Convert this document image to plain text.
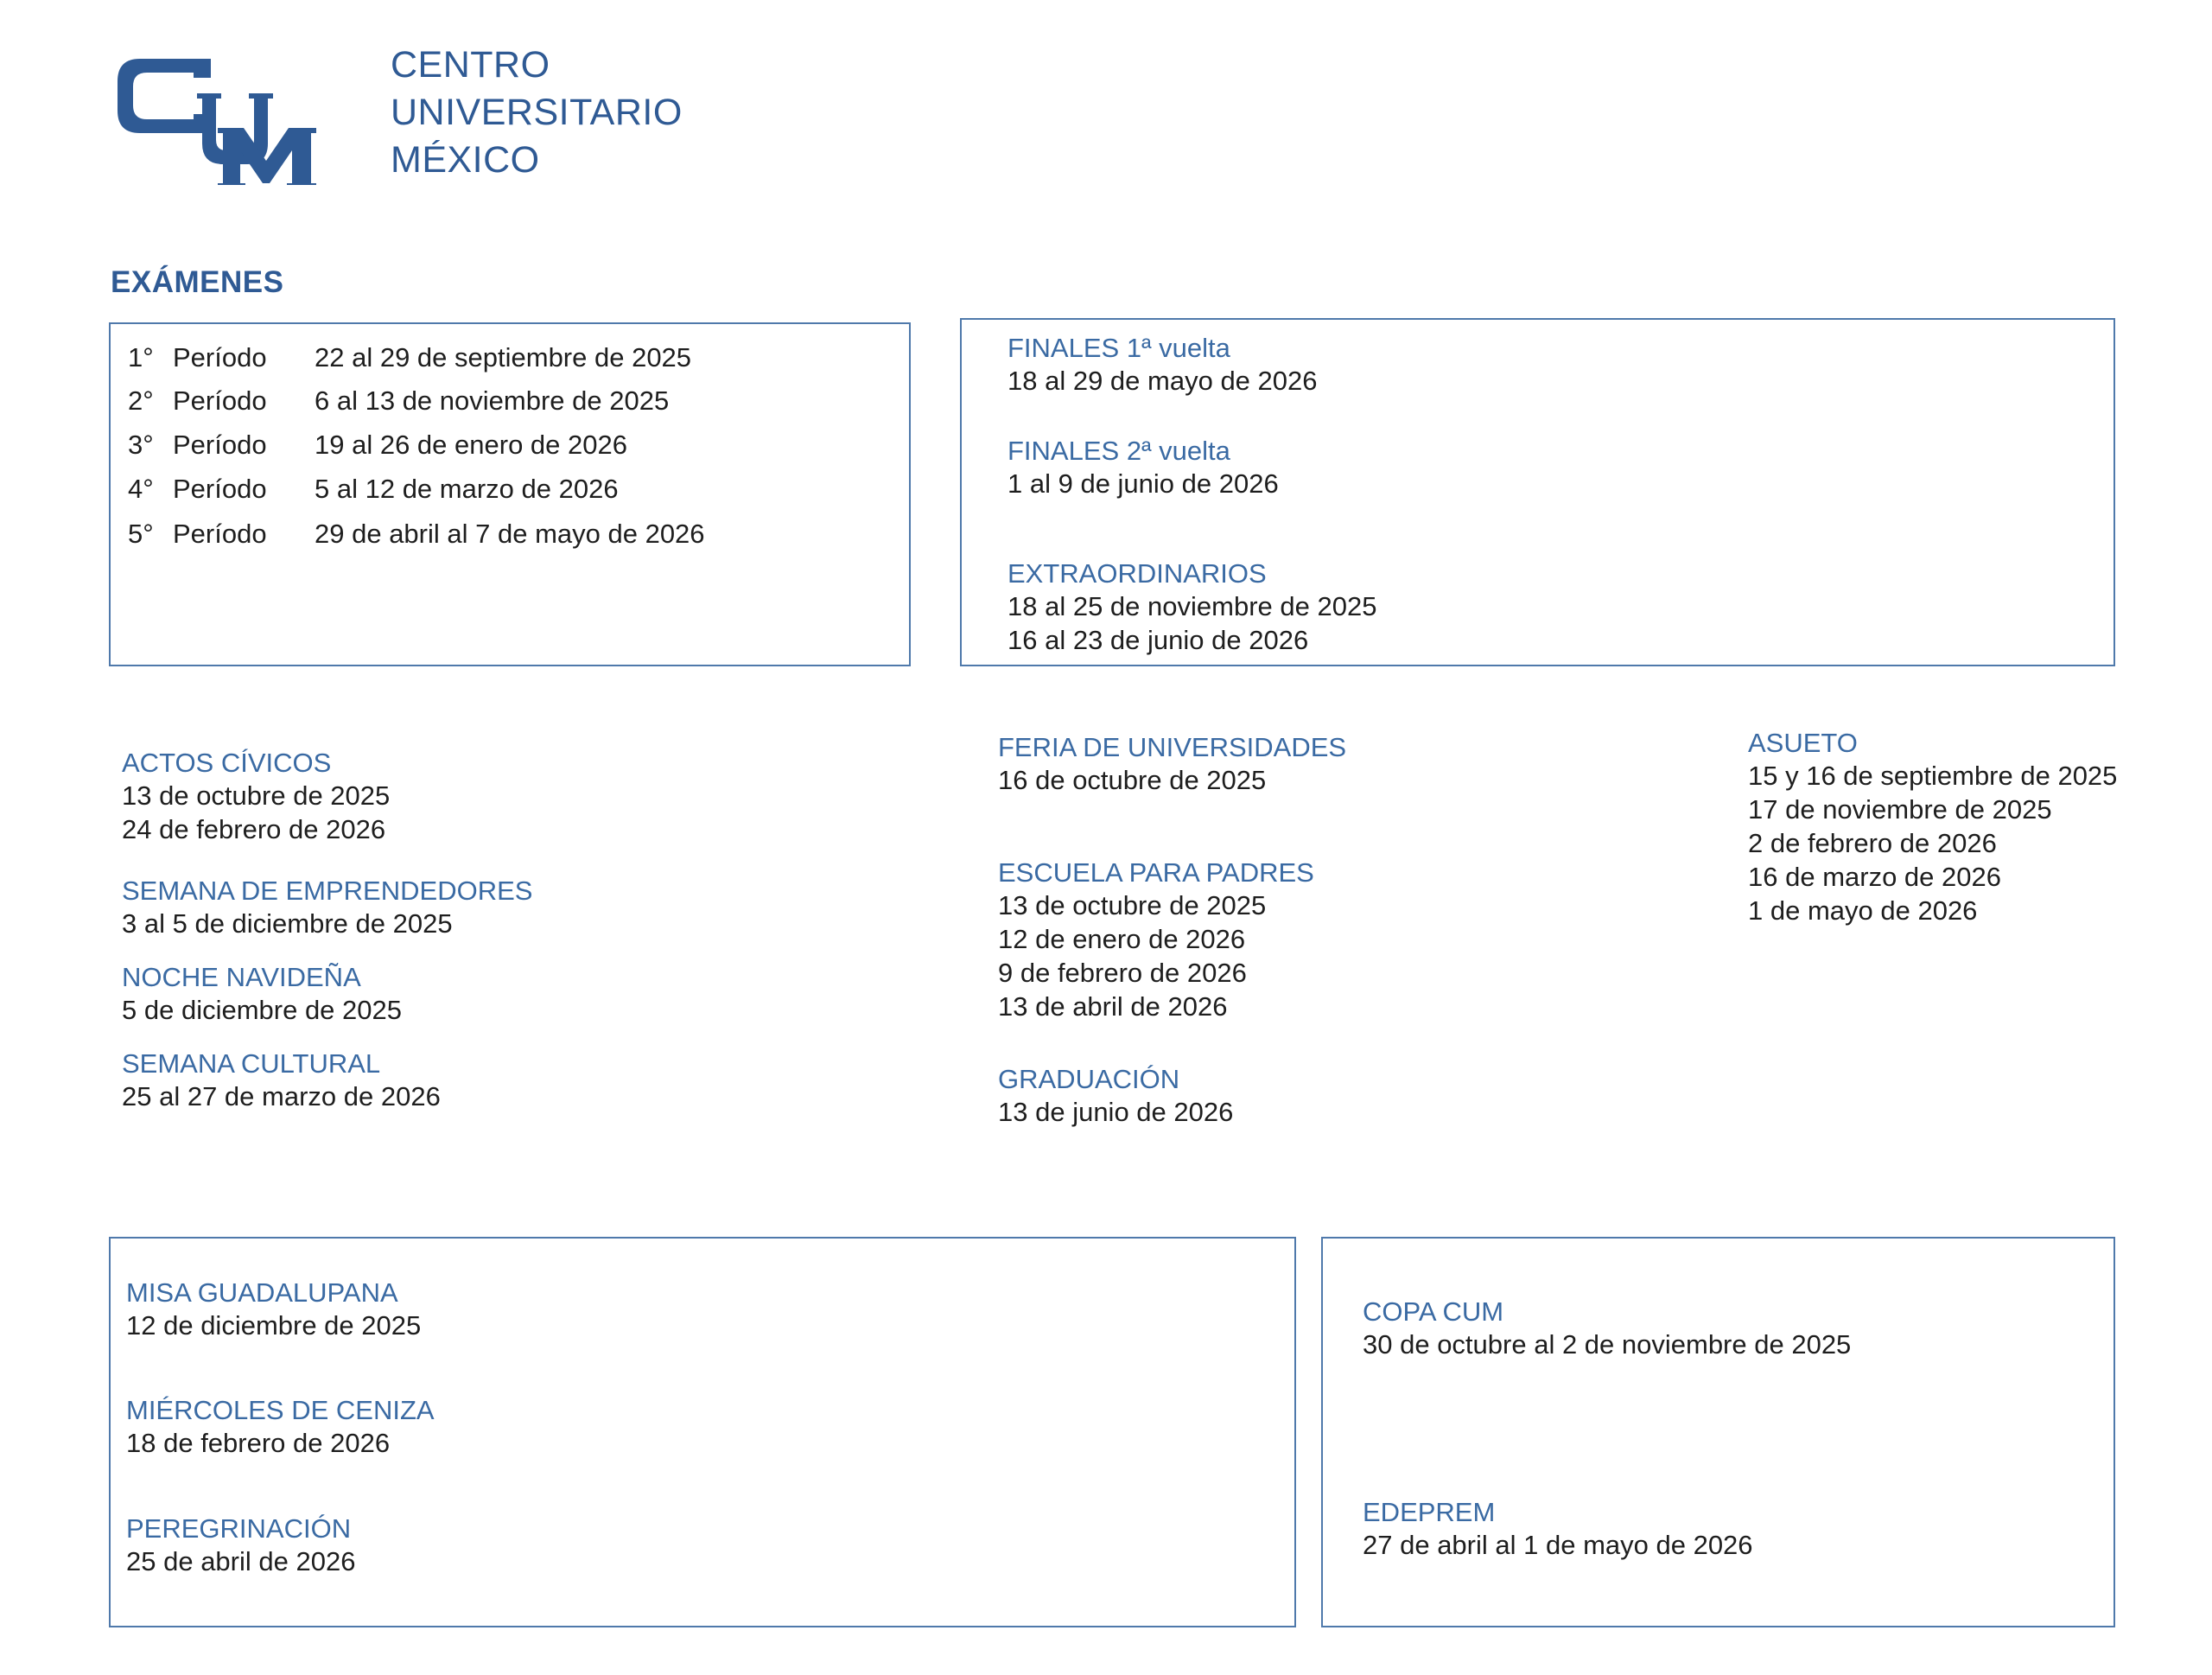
CENTRO
UNIVERSITARIO
MÉXICO
EXÁMENES
1° Período 22 al 29 de septiembre de 2025
2° Período 6 al 13 de noviembre de 2025
3° Período 19 al 26 de enero de 2026
4° Período 5 al 12 de marzo de 2026
5° Período 29 de abril al 7 de mayo de 2026
FINALES 1ª vuelta
18 al 29 de mayo de 2026
FINALES 2ª vuelta
1 al 9 de junio de 2026
EXTRAORDINARIOS
18 al 25 de noviembre de 2025
16 al 23 de junio de 2026
ACTOS CÍVICOS
13 de octubre de 2025
24 de febrero de 2026
SEMANA DE EMPRENDEDORES
3 al 5 de diciembre de 2025
NOCHE NAVIDEÑA
5 de diciembre de 2025
SEMANA CULTURAL
25 al 27 de marzo de 2026
FERIA DE UNIVERSIDADES
16 de octubre de 2025
ESCUELA PARA PADRES
13 de octubre de 2025
12 de enero de 2026
9 de febrero de 2026
13 de abril de 2026
GRADUACIÓN
13 de junio de 2026
ASUETO
15 y 16 de septiembre de 2025
17 de noviembre de 2025
2 de febrero de 2026
16 de marzo de 2026
1 de mayo de 2026
MISA GUADALUPANA
12 de diciembre de 2025
MIÉRCOLES DE CENIZA
18 de febrero de 2026
PEREGRINACIÓN
25 de abril de 2026
COPA CUM
30 de octubre al 2 de noviembre de 2025
EDEPREM
27 de abril al 1 de mayo de 2026
